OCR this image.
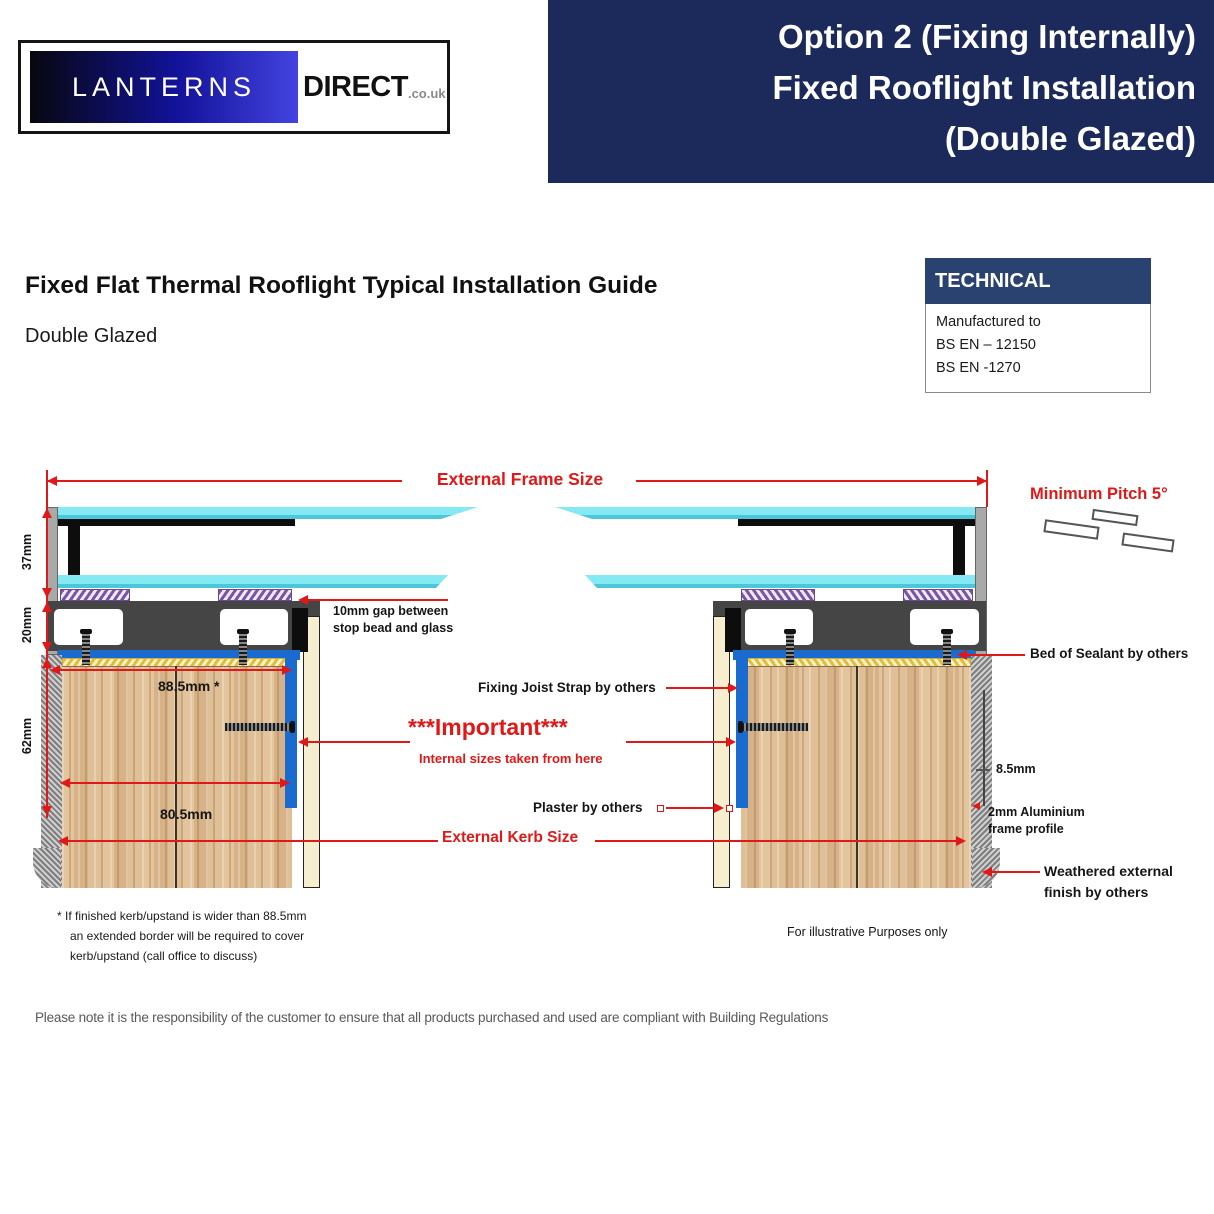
LANTERNS DIRECT .co.uk
Option 2 (Fixing Internally)
Fixed Rooflight Installation
(Double Glazed)
Fixed Flat Thermal Rooflight Typical Installation Guide
Double Glazed
TECHNICAL
Manufactured to
BS EN – 12150
BS EN -1270
External Frame Size
37mm
20mm
62mm
88.5mm *
80.5mm
10mm gap between
stop bead and glass
Fixing Joist Strap by others
***Important***
Internal sizes taken from here
Plaster by others
External Kerb Size
Bed of Sealant by others
8.5mm
2mm Aluminium
frame profile
Weathered external
finish by others
Minimum Pitch 5°
* If finished kerb/upstand is wider than 88.5mm
an extended border will be required to cover
kerb/upstand (call office to discuss)
For illustrative Purposes only
Please note it is the responsibility of the customer to ensure that all products purchased and used are compliant with Building Regulations
